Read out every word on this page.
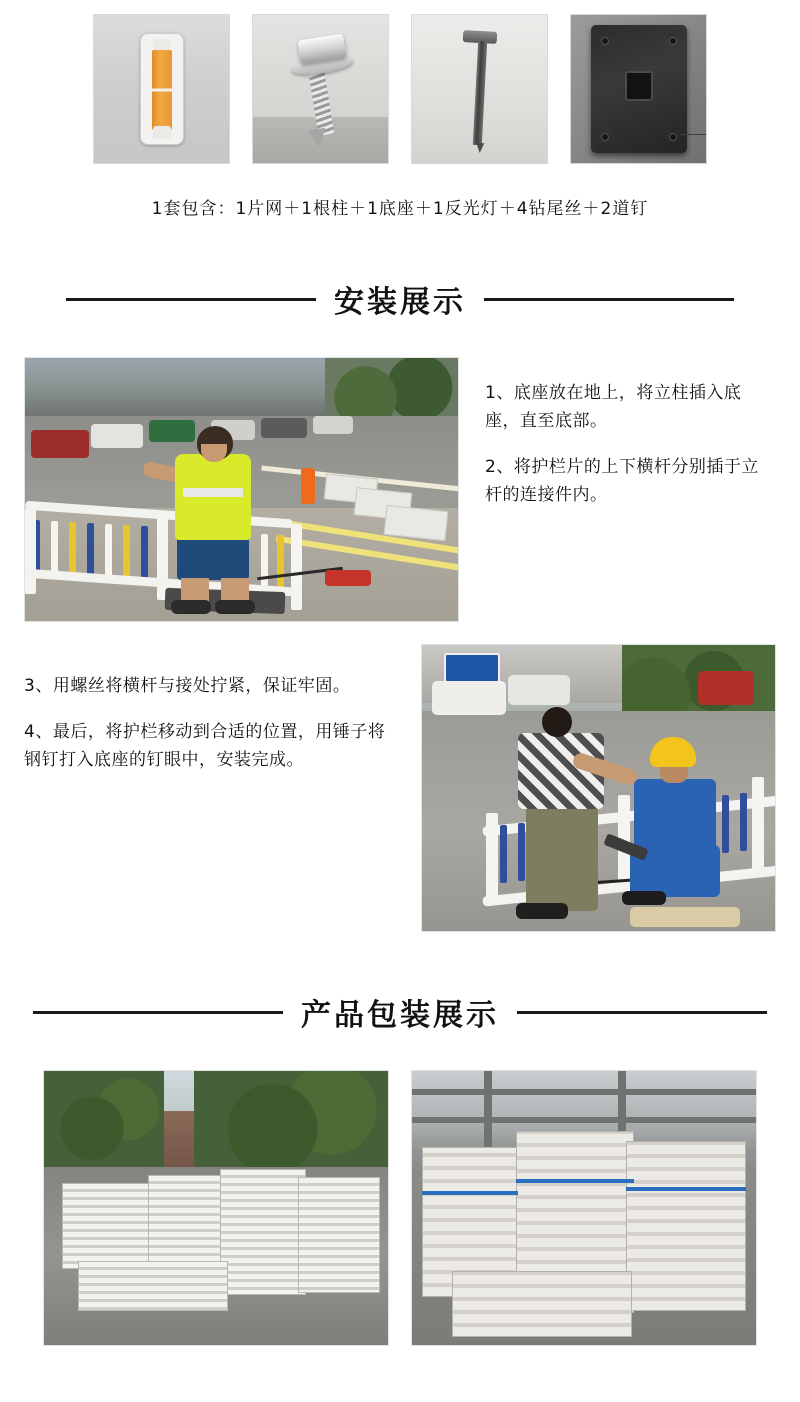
1套包含：1片网＋1根柱＋1底座＋1反光灯＋4钻尾丝＋2道钉
安装展示
1、底座放在地上，将立柱插入底座，直至底部。
2、将护栏片的上下横杆分别插于立杆的连接件内。
3、用螺丝将横杆与接处拧紧，保证牢固。
4、最后，将护栏移动到合适的位置，用锤子将钢钉打入底座的钉眼中，安装完成。
产品包装展示
